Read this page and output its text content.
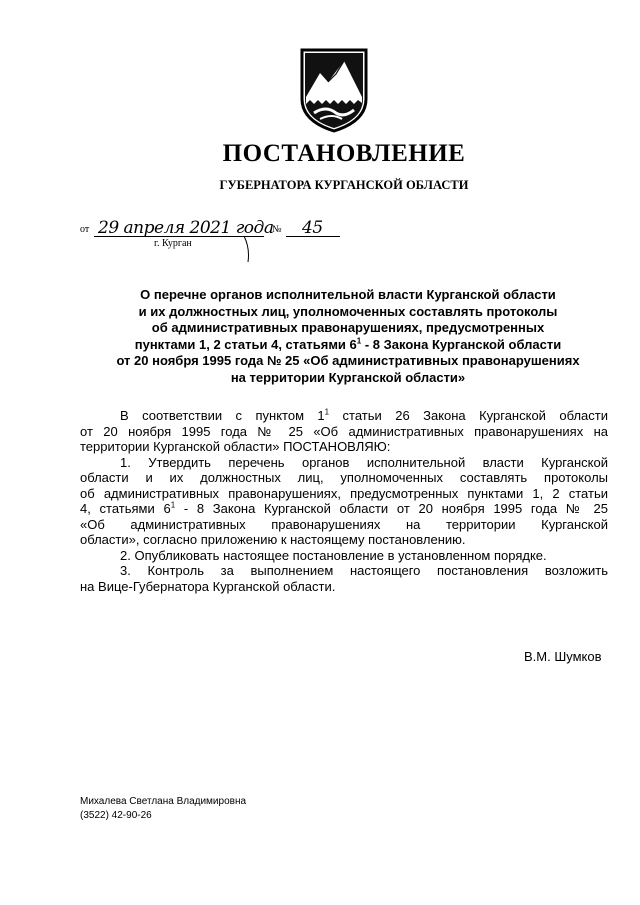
ПОСТАНОВЛЕНИЕ
ГУБЕРНАТОРА КУРГАНСКОЙ ОБЛАСТИ
от 29 апреля 2021 года
№ 45
г. Курган
О перечне органов исполнительной власти Курганской области
и их должностных лиц, уполномоченных составлять протоколы
об административных правонарушениях, предусмотренных
пунктами 1, 2 статьи 4, статьями $6^1 - 8$ Закона Курганской области
от 20 ноября 1995 года № 25 «Об административных правонарушениях
на территории Курганской области»
В соответствии с пунктом $1^1$ статьи 26 Закона Курганской области
от 20 ноября 1995 года № 25 «Об административных правонарушениях на
территории Курганской области» ПОСТАНОВЛЯЮ:
1. Утвердить перечень органов исполнительной власти Курганской
области и их должностных лиц, уполномоченных составлять протоколы
об административных правонарушениях, предусмотренных пунктами 1, 2 статьи
4, статьями $6^1 - 8$ Закона Курганской области от 20 ноября 1995 года № 25
«Об административных правонарушениях на территории Курганской
области», согласно приложению к настоящему постановлению.
2. Опубликовать настоящее постановление в установленном порядке.
3. Контроль за выполнением настоящего постановления возложить
на Вице-Губернатора Курганской области.
В.М. Шумков
Михалева Светлана Владимировна
(3522) 42-90-26
